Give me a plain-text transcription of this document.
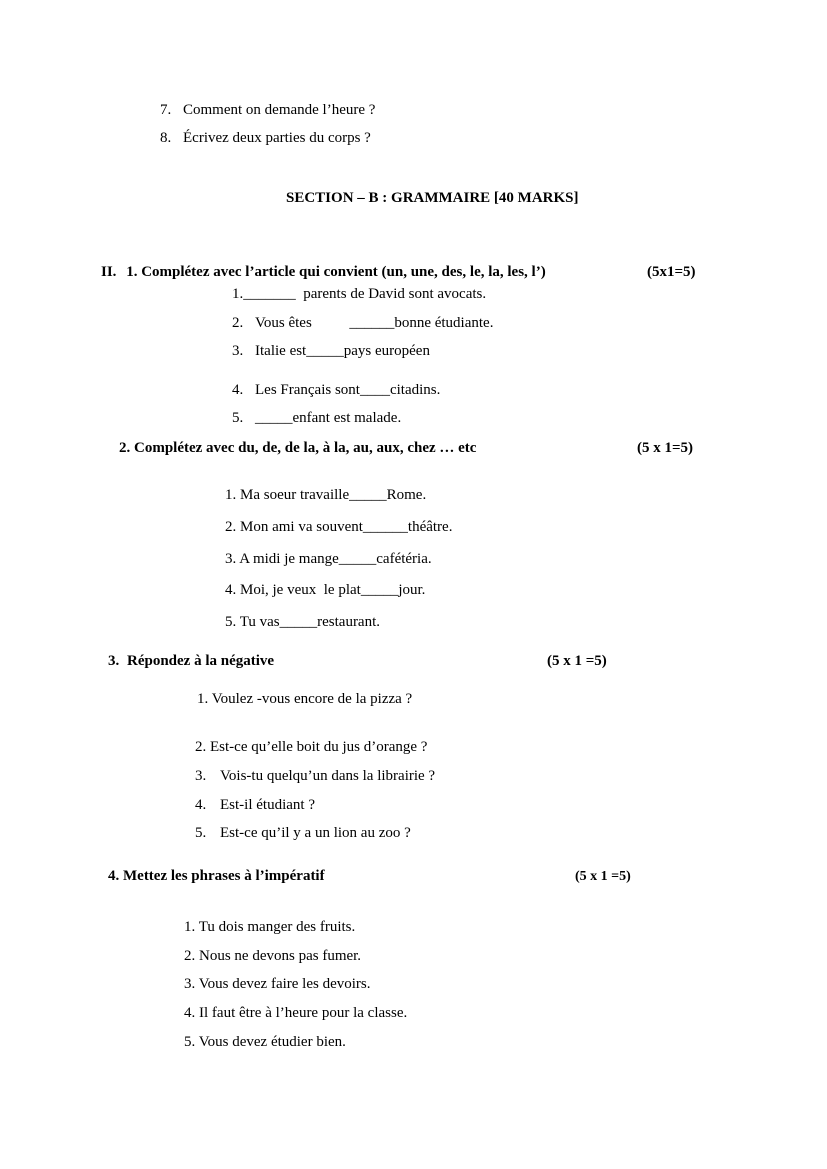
7. Comment on demande l’heure ?
8. Écrivez deux parties du corps ?
SECTION – B : GRAMMAIRE [40 MARKS]
II. 1. Complétez avec l’article qui convient (un, une, des, le, la, les, l’)	(5x1=5)
1._______  parents de David sont avocats.
2. Vous êtes          ______bonne étudiante.
3. Italie est_____pays européen
4. Les Français sont____citadins.
5. _____enfant est malade.
2. Complétez avec du, de, de la, à la, au, aux, chez … etc	(5 x 1=5)
1. Ma soeur travaille_____Rome.
2. Mon ami va souvent______théâtre.
3. A midi je mange_____cafétéria.
4. Moi, je veux  le plat_____jour.
5. Tu vas_____restaurant.
3. Répondez à la négative	(5 x 1 =5)
1. Voulez -vous encore de la pizza ?
2. Est-ce qu’elle boit du jus d’orange ?
3. Vois-tu quelqu’un dans la librairie ?
4. Est-il étudiant ?
5. Est-ce qu’il y a un lion au zoo ?
4. Mettez les phrases à l’impératif	(5 x 1 =5)
1. Tu dois manger des fruits.
2. Nous ne devons pas fumer.
3. Vous devez faire les devoirs.
4. Il faut être à l’heure pour la classe.
5. Vous devez étudier bien.
